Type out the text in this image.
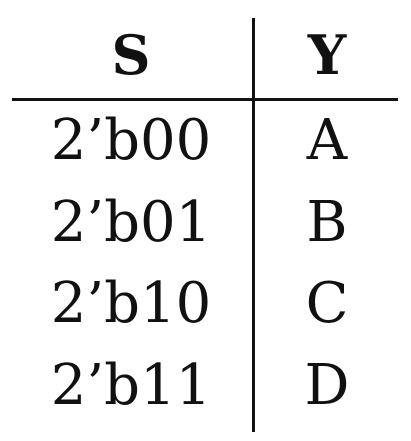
S	Y
2’b00	A
2’b01	B
2’b10	C
2’b11	D
